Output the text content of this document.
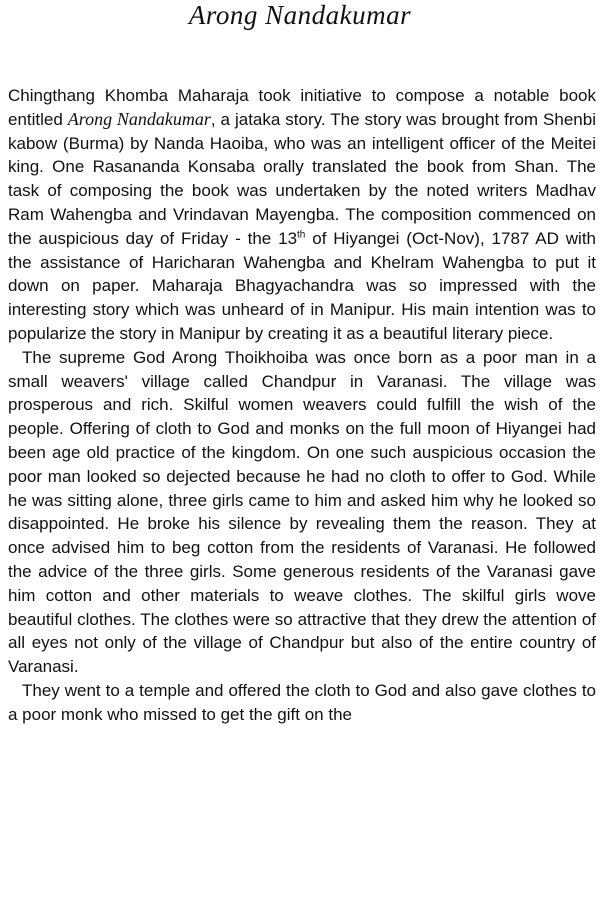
Arong Nandakumar

Chingthang Khomba Maharaja took initiative to compose a notable book entitled Arong Nandakumar, a jataka story. The story was brought from Shenbi kabow (Burma) by Nanda Haoiba, who was an intelligent officer of the Meitei king. One Rasananda Konsaba orally translated the book from Shan. The task of composing the book was undertaken by the noted writers Madhav Ram Wahengba and Vrindavan Mayengba. The composition commenced on the auspicious day of Friday - the 13th of Hiyangei (Oct-Nov), 1787 AD with the assistance of Haricharan Wahengba and Khelram Wahengba to put it down on paper. Maharaja Bhagyachandra was so impressed with the interesting story which was unheard of in Manipur. His main intention was to popularize the story in Manipur by creating it as a beautiful literary piece.

The supreme God Arong Thoikhoiba was once born as a poor man in a small weavers' village called Chandpur in Varanasi. The village was prosperous and rich. Skilful women weavers could fulfill the wish of the people. Offering of cloth to God and monks on the full moon of Hiyangei had been age old practice of the kingdom. On one such auspicious occasion the poor man looked so dejected because he had no cloth to offer to God. While he was sitting alone, three girls came to him and asked him why he looked so disappointed. He broke his silence by revealing them the reason. They at once advised him to beg cotton from the residents of Varanasi. He followed the advice of the three girls. Some generous residents of the Varanasi gave him cotton and other materials to weave clothes. The skilful girls wove beautiful clothes. The clothes were so attractive that they drew the attention of all eyes not only of the village of Chandpur but also of the entire country of Varanasi.

They went to a temple and offered the cloth to God and also gave clothes to a poor monk who missed to get the gift on the
